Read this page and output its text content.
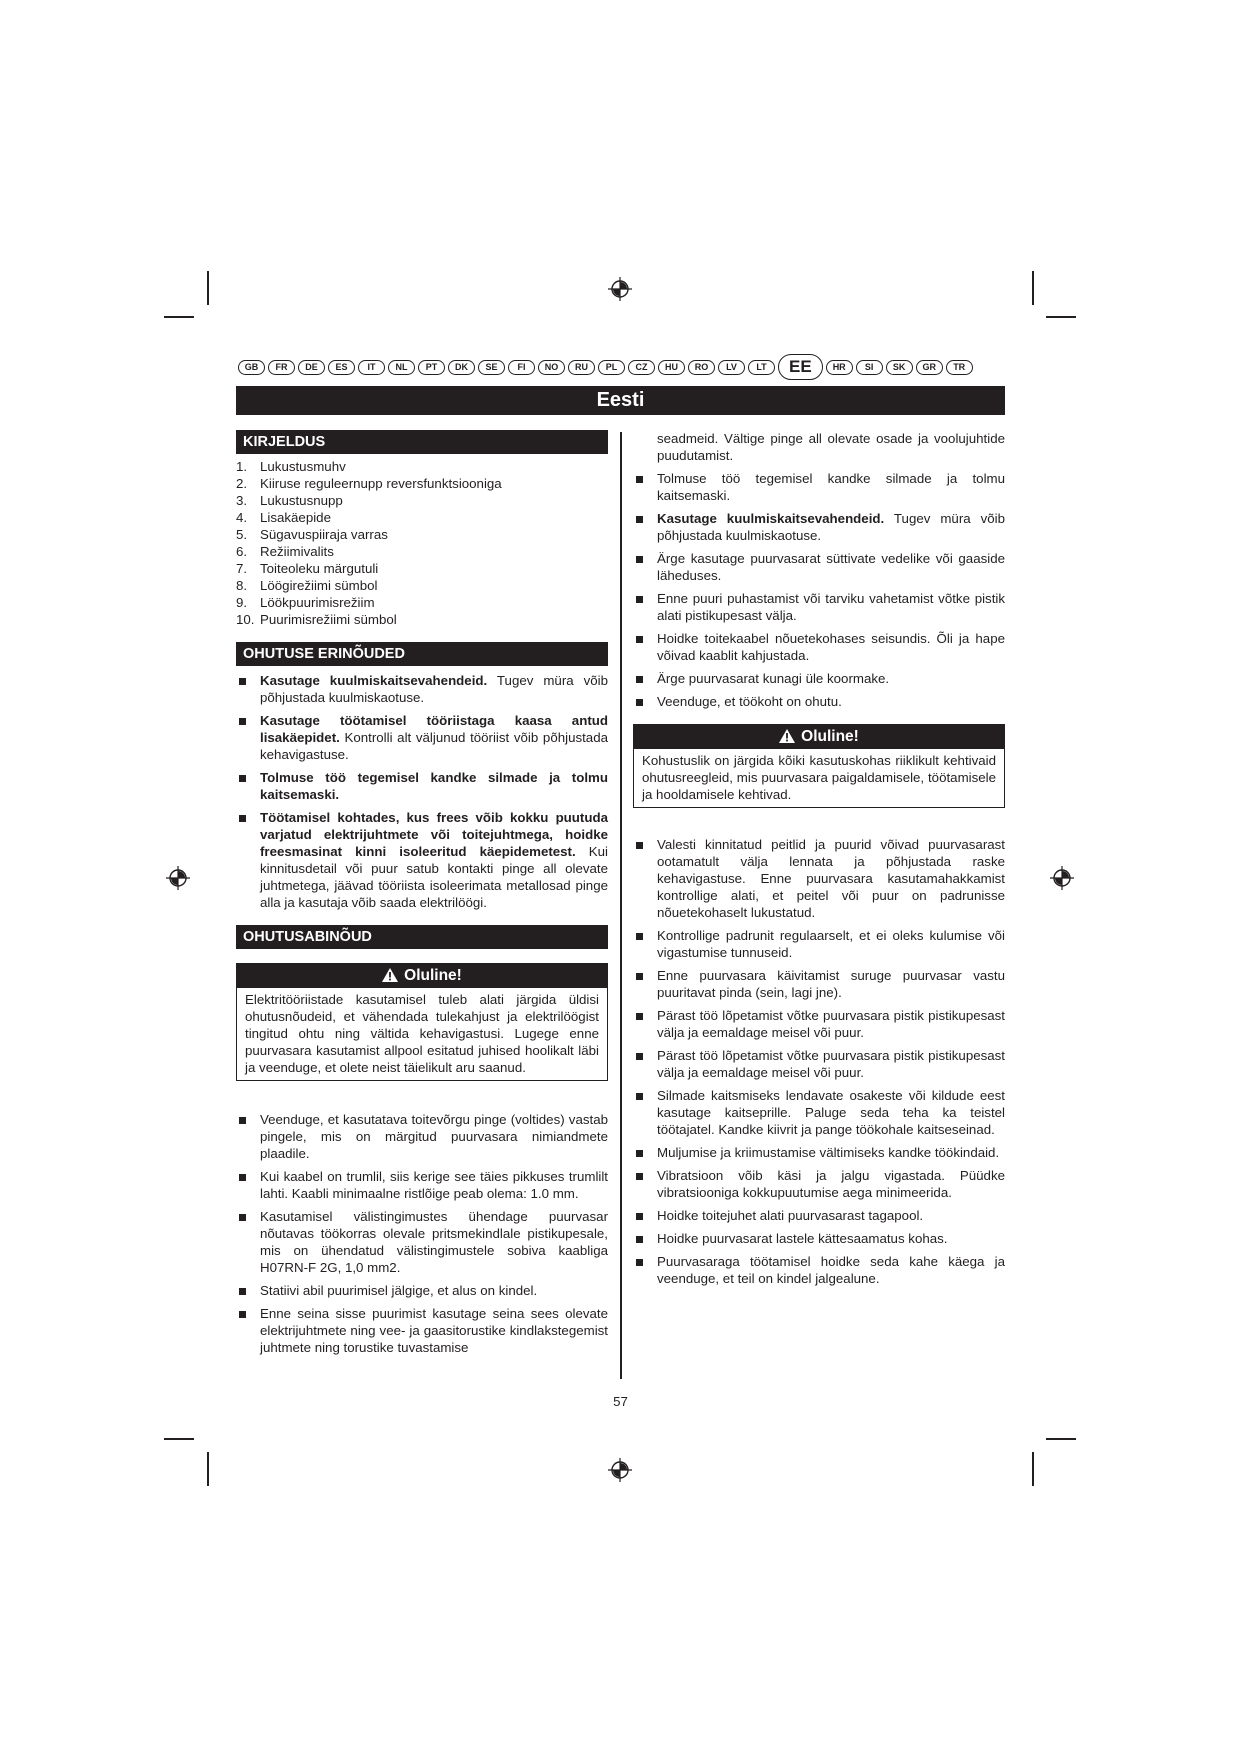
GB	FR	DE	ES	IT	NL	PT	DK	SE	FI	NO	RU	PL	CZ	HU	RO	LV	LT	EE	HR	SI	SK	GR	TR
Eesti
KIRJELDUS
1. Lukustusmuhv
2. Kiiruse reguleernupp reversfunktsiooniga
3. Lukustusnupp
4. Lisakäepide
5. Sügavuspiiraja varras
6. Režiimivalits
7. Toiteoleku märgutuli
8. Löögirežiimi sümbol
9. Löökpuurimisrežiim
10. Puurimisrežiimi sümbol
OHUTUSE ERINÕUDED
Kasutage kuulmiskaitsevahendeid. Tugev müra võib põhjustada kuulmiskaotuse.
Kasutage töötamisel tööriistaga kaasa antud lisakäepidet. Kontrolli alt väljunud tööriist võib põhjustada kehavigastuse.
Tolmuse töö tegemisel kandke silmade ja tolmu kaitsemaski.
Töötamisel kohtades, kus frees võib kokku puutuda varjatud elektrijuhtmete või toitejuhtmega, hoidke freesmasinat kinni isoleeritud käepidemetest. Kui kinnitusdetail või puur satub kontakti pinge all olevate juhtmetega, jäävad tööriista isoleerimata metallosad pinge alla ja kasutaja võib saada elektrilöögi.
OHUTUSABINÕUD
Oluline!
Elektritööriistade kasutamisel tuleb alati järgida üldisi ohutusnõudeid, et vähendada tulekahjust ja elektrilöögist tingitud ohtu ning vältida kehavigastusi. Lugege enne puurvasara kasutamist allpool esitatud juhised hoolikalt läbi ja veenduge, et olete neist täielikult aru saanud.
Veenduge, et kasutatava toitevõrgu pinge (voltides) vastab pingele, mis on märgitud puurvasara nimiandmete plaadile.
Kui kaabel on trumlil, siis kerige see täies pikkuses trumlilt lahti. Kaabli minimaalne ristlõige peab olema: 1.0 mm.
Kasutamisel välistingimustes ühendage puurvasar nõutavas töökorras olevale pritsmekindlale pistikupesale, mis on ühendatud välistingimustele sobiva kaabliga H07RN-F 2G, 1,0 mm2.
Statiivi abil puurimisel jälgige, et alus on kindel.
Enne seina sisse puurimist kasutage seina sees olevate elektrijuhtmete ning vee- ja gaasitorustike kindlakstegemist juhtmete ning torustike tuvastamise
seadmeid. Vältige pinge all olevate osade ja voolujuhtide puudutamist.
Tolmuse töö tegemisel kandke silmade ja tolmu kaitsemaski.
Kasutage kuulmiskaitsevahendeid. Tugev müra võib põhjustada kuulmiskaotuse.
Ärge kasutage puurvasarat süttivate vedelike või gaaside läheduses.
Enne puuri puhastamist või tarviku vahetamist võtke pistik alati pistikupesast välja.
Hoidke toitekaabel nõuetekohases seisundis. Õli ja hape võivad kaablit kahjustada.
Ärge puurvasarat kunagi üle koormake.
Veenduge, et töökoht on ohutu.
Oluline!
Kohustuslik on järgida kõiki kasutuskohas riiklikult kehtivaid ohutusreegleid, mis puurvasara paigaldamisele, töötamisele ja hooldamisele kehtivad.
Valesti kinnitatud peitlid ja puurid võivad puurvasarast ootamatult välja lennata ja põhjustada raske kehavigastuse. Enne puurvasara kasutamahakkamist kontrollige alati, et peitel või puur on padrunisse nõuetekohaselt lukustatud.
Kontrollige padrunit regulaarselt, et ei oleks kulumise või vigastumise tunnuseid.
Enne puurvasara käivitamist suruge puurvasar vastu puuritavat pinda (sein, lagi jne).
Pärast töö lõpetamist võtke puurvasara pistik pistikupesast välja ja eemaldage meisel või puur.
Pärast töö lõpetamist võtke puurvasara pistik pistikupesast välja ja eemaldage meisel või puur.
Silmade kaitsmiseks lendavate osakeste või kildude eest kasutage kaitseprille. Paluge seda teha ka teistel töötajatel. Kandke kiivrit ja pange töökohale kaitseseinad.
Muljumise ja kriimustamise vältimiseks kandke töökindaid.
Vibratsioon võib käsi ja jalgu vigastada. Püüdke vibratsiooniga kokkupuutumise aega minimeerida.
Hoidke toitejuhet alati puurvasarast tagapool.
Hoidke puurvasarat lastele kättesaamatus kohas.
Puurvasaraga töötamisel hoidke seda kahe käega ja veenduge, et teil on kindel jalgealune.
57
